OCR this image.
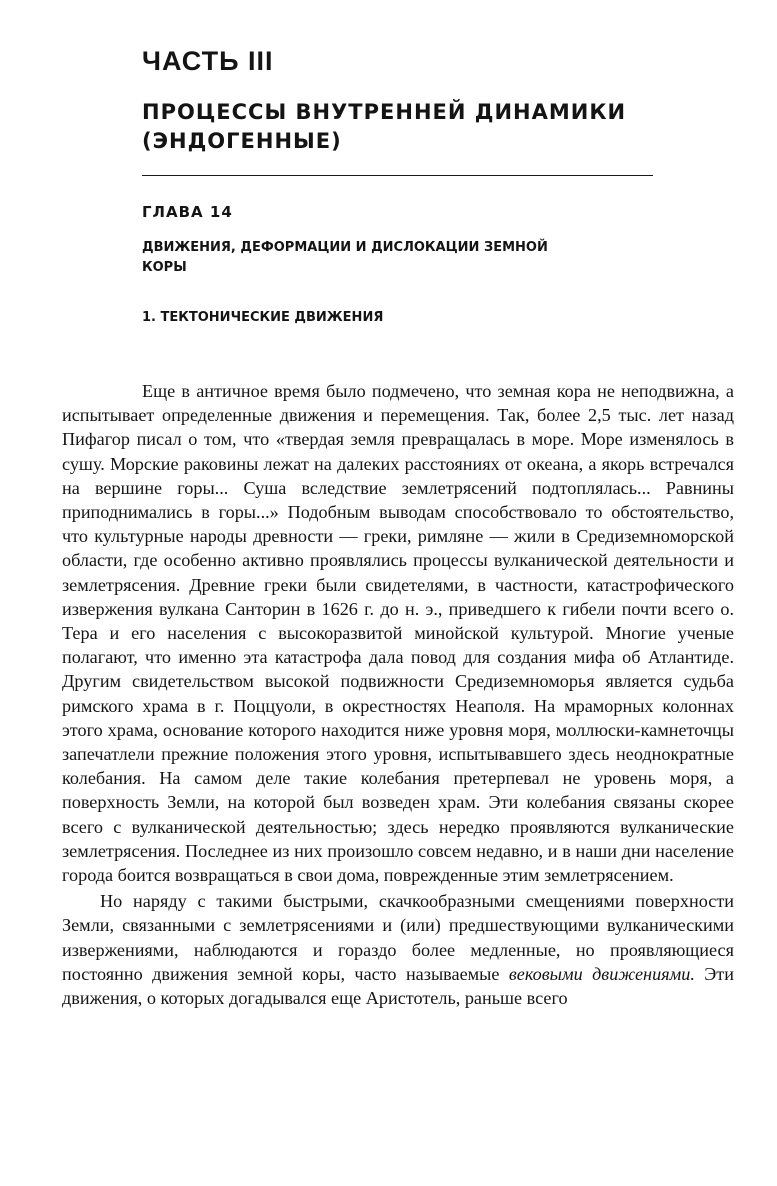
ЧАСТЬ III
ПРОЦЕССЫ ВНУТРЕННЕЙ ДИНАМИКИ (ЭНДОГЕННЫЕ)
ГЛАВА 14
ДВИЖЕНИЯ, ДЕФОРМАЦИИ И ДИСЛОКАЦИИ ЗЕМНОЙ КОРЫ
1. ТЕКТОНИЧЕСКИЕ ДВИЖЕНИЯ

Еще в античное время было подмечено, что земная кора не неподвижна, а испытывает определенные движения и перемещения. Так, более 2,5 тыс. лет назад Пифагор писал о том, что «твердая земля превращалась в море. Море изменялось в сушу. Морские раковины лежат на далеких расстояниях от океана, а якорь встречался на вершине горы... Суша вследствие землетрясений подтоплялась... Равнины приподнимались в горы...» Подобным выводам способствовало то обстоятельство, что культурные народы древности — греки, римляне — жили в Средиземноморской области, где особенно активно проявлялись процессы вулканической деятельности и землетрясения. Древние греки были свидетелями, в частности, катастрофического извержения вулкана Санторин в 1626 г. до н. э., приведшего к гибели почти всего о. Тера и его населения с высокоразвитой минойской культурой. Многие ученые полагают, что именно эта катастрофа дала повод для создания мифа об Атлантиде. Другим свидетельством высокой подвижности Средиземноморья является судьба римского храма в г. Поццуоли, в окрестностях Неаполя. На мраморных колоннах этого храма, основание которого находится ниже уровня моря, моллюски-камнеточцы запечатлели прежние положения этого уровня, испытывавшего здесь неоднократные колебания. На самом деле такие колебания претерпевал не уровень моря, а поверхность Земли, на которой был возведен храм. Эти колебания связаны скорее всего с вулканической деятельностью; здесь нередко проявляются вулканические землетрясения. Последнее из них произошло совсем недавно, и в наши дни население города боится возвращаться в свои дома, поврежденные этим землетрясением.

Но наряду с такими быстрыми, скачкообразными смещениями поверхности Земли, связанными с землетрясениями и (или) предшествующими вулканическими извержениями, наблюдаются и гораздо более медленные, но проявляющиеся постоянно движения земной коры, часто называемые вековыми движениями. Эти движения, о которых догадывался еще Аристотель, раньше всего
